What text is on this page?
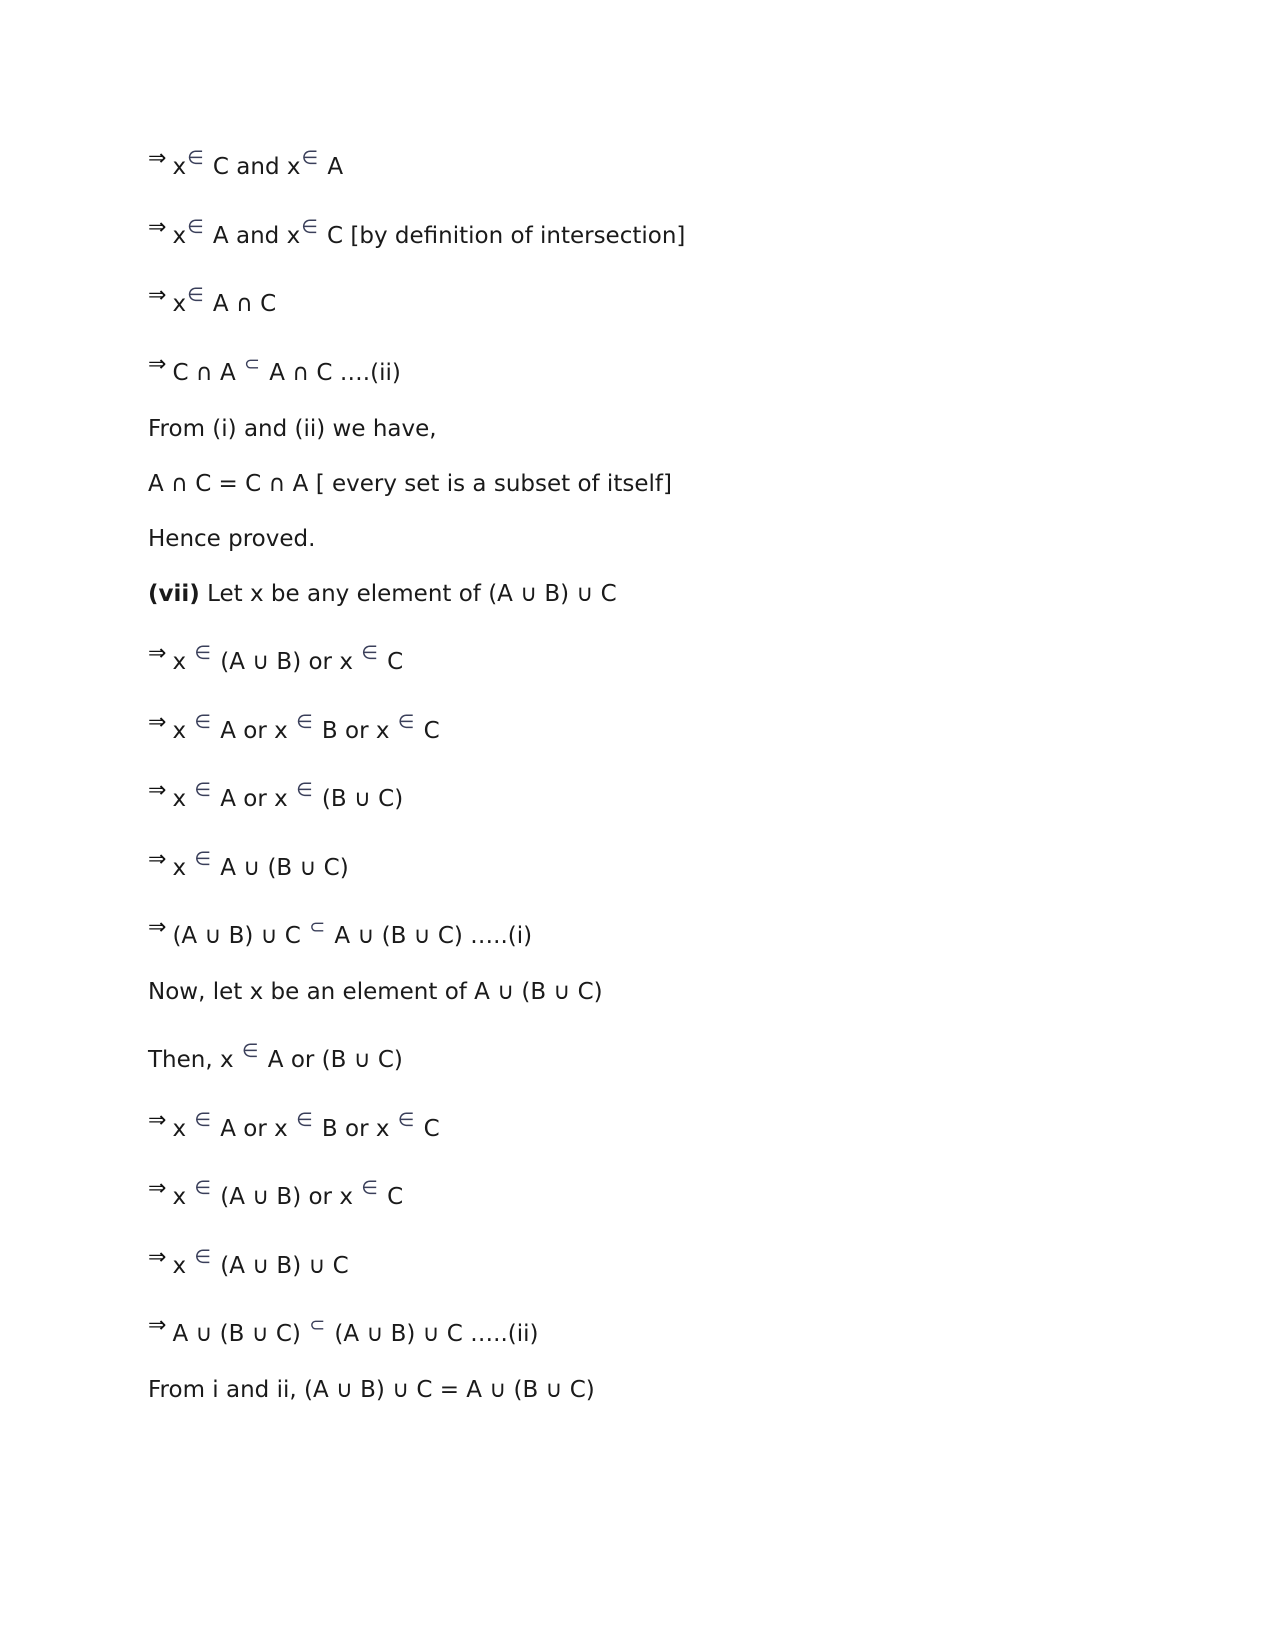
⇒ x∈ C and x∈ A
⇒ x∈ A and x∈ C [by definition of intersection]
⇒ x∈ A ∩ C
⇒ C ∩ A ⊂ A ∩ C ….(ii)
From (i) and (ii) we have,
A ∩ C = C ∩ A [ every set is a subset of itself]
Hence proved.
(vii) Let x be any element of (A ∪ B) ∪ C
⇒ x ∈ (A ∪ B) or x ∈ C
⇒ x ∈ A or x ∈ B or x ∈ C
⇒ x ∈ A or x ∈ (B ∪ C)
⇒ x ∈ A ∪ (B ∪ C)
⇒ (A ∪ B) ∪ C ⊂ A ∪ (B ∪ C) …..(i)
Now, let x be an element of A ∪ (B ∪ C)
Then, x ∈ A or (B ∪ C)
⇒ x ∈ A or x ∈ B or x ∈ C
⇒ x ∈ (A ∪ B) or x ∈ C
⇒ x ∈ (A ∪ B) ∪ C
⇒ A ∪ (B ∪ C) ⊂ (A ∪ B) ∪ C …..(ii)
From i and ii, (A ∪ B) ∪ C = A ∪ (B ∪ C)
